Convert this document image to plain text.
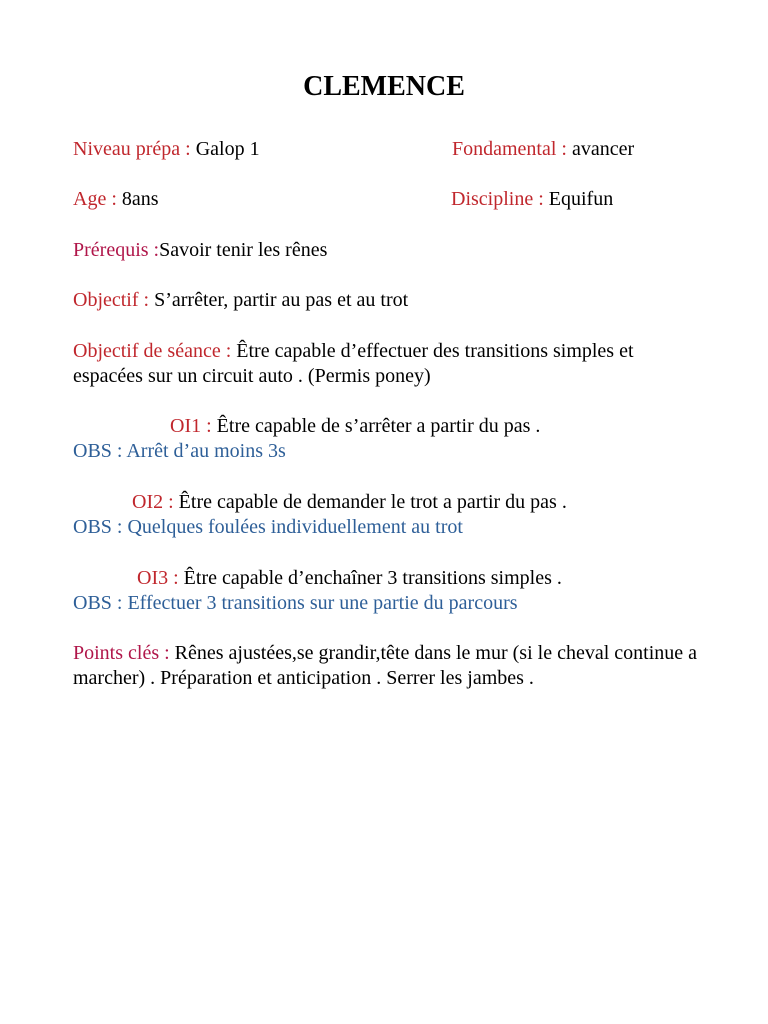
CLEMENCE
Niveau prépa : Galop 1	Fondamental : avancer
Age : 8ans	Discipline : Equifun
Prérequis :Savoir tenir les rênes
Objectif : S’arrêter, partir au pas et au trot
Objectif de séance : Être capable d’effectuer des transitions simples et espacées sur un circuit auto . (Permis poney)
OI1 : Être capable de s’arrêter a partir du pas .
OBS : Arrêt d’au moins 3s
OI2 : Être capable de demander le trot a partir du pas .
OBS : Quelques foulées individuellement au trot
OI3 : Être capable d’enchaîner 3 transitions simples .
OBS : Effectuer 3 transitions sur une partie du parcours
Points clés : Rênes ajustées,se grandir,tête dans le mur (si le cheval continue a marcher) . Préparation et anticipation . Serrer les jambes .
